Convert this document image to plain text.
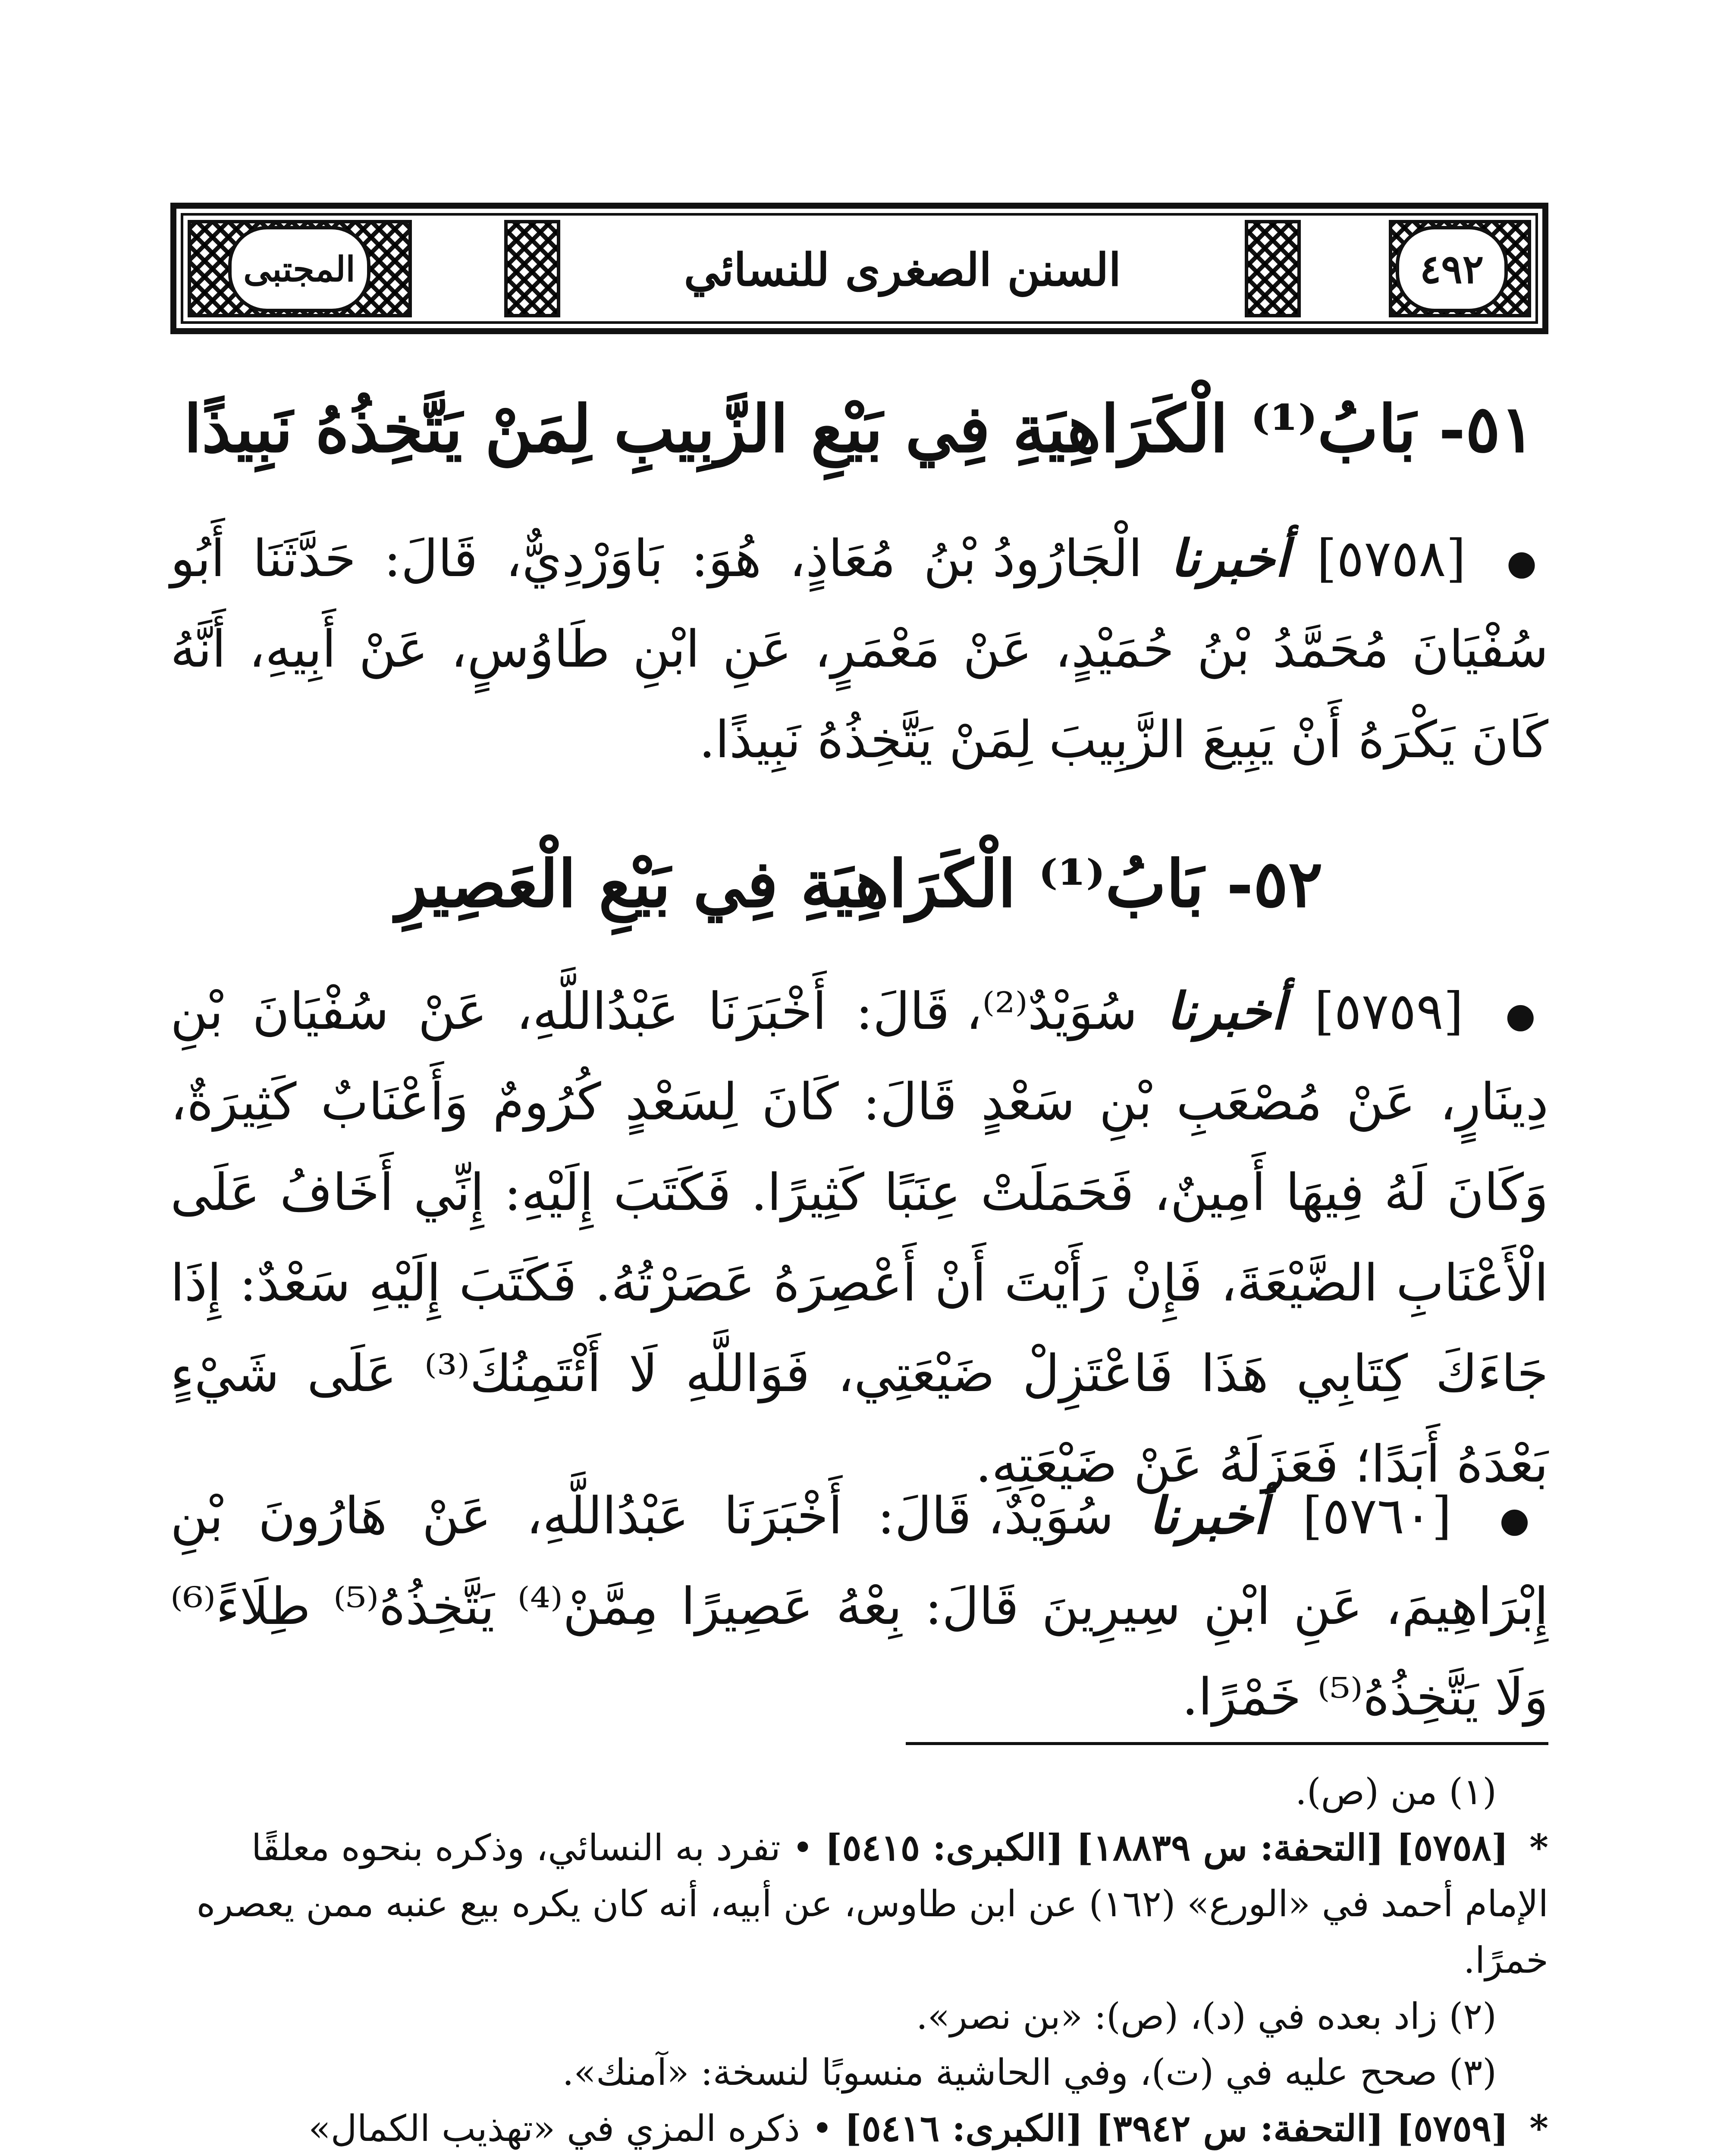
المجتبى	السنن الصغرى للنسائي	٤٩٢
٥١- بَابُ⁽¹⁾ الْكَرَاهِيَةِ فِي بَيْعِ الزَّبِيبِ لِمَنْ يَتَّخِذُهُ نَبِيذًا
● [٥٧٥٨] أخبرنا الْجَارُودُ بْنُ مُعَاذٍ، هُوَ: بَاوَرْدِيٌّ، قَالَ: حَدَّثَنَا أَبُو سُفْيَانَ مُحَمَّدُ بْنُ حُمَيْدٍ، عَنْ مَعْمَرٍ، عَنِ ابْنِ طَاوُسٍ، عَنْ أَبِيهِ، أَنَّهُ كَانَ يَكْرَهُ أَنْ يَبِيعَ الزَّبِيبَ لِمَنْ يَتَّخِذُهُ نَبِيذًا.
٥٢- بَابُ⁽¹⁾ الْكَرَاهِيَةِ فِي بَيْعِ الْعَصِيرِ
● [٥٧٥٩] أخبرنا سُوَيْدٌ⁽²⁾، قَالَ: أَخْبَرَنَا عَبْدُاللَّهِ، عَنْ سُفْيَانَ بْنِ دِينَارٍ، عَنْ مُصْعَبِ بْنِ سَعْدٍ قَالَ: كَانَ لِسَعْدٍ كُرُومٌ وَأَعْنَابٌ كَثِيرَةٌ، وَكَانَ لَهُ فِيهَا أَمِينٌ، فَحَمَلَتْ عِنَبًا كَثِيرًا. فَكَتَبَ إِلَيْهِ: إِنِّي أَخَافُ عَلَى الْأَعْنَابِ الضَّيْعَةَ، فَإِنْ رَأَيْتَ أَنْ أَعْصِرَهُ عَصَرْتُهُ. فَكَتَبَ إِلَيْهِ سَعْدٌ: إِذَا جَاءَكَ كِتَابِي هَذَا فَاعْتَزِلْ ضَيْعَتِي، فَوَاللَّهِ لَا أَئْتَمِنُكَ⁽³⁾ عَلَى شَيْءٍ بَعْدَهُ أَبَدًا؛ فَعَزَلَهُ عَنْ ضَيْعَتِهِ.
● [٥٧٦٠] أخبرنا سُوَيْدٌ، قَالَ: أَخْبَرَنَا عَبْدُاللَّهِ، عَنْ هَارُونَ بْنِ إِبْرَاهِيمَ، عَنِ ابْنِ سِيرِينَ قَالَ: بِعْهُ عَصِيرًا مِمَّنْ⁽⁴⁾ يَتَّخِذُهُ⁽⁵⁾ طِلَاءً⁽⁶⁾ وَلَا يَتَّخِذُهُ⁽⁵⁾ خَمْرًا.
(١) من (ص).
* [٥٧٥٨] [التحفة: س ١٨٨٣٩] [الكبرى: ٥٤١٥] • تفرد به النسائي، وذكره بنحوه معلقًا الإمام أحمد في «الورع» (١٦٢) عن ابن طاوس، عن أبيه، أنه كان يكره بيع عنبه ممن يعصره خمرًا.
(٢) زاد بعده في (د)، (ص): «بن نصر».
(٣) صحح عليه في (ت)، وفي الحاشية منسوبًا لنسخة: «آمنك».
* [٥٧٥٩] [التحفة: س ٣٩٤٢] [الكبرى: ٥٤١٦] • ذكره المزي في «تهذيب الكمال»
